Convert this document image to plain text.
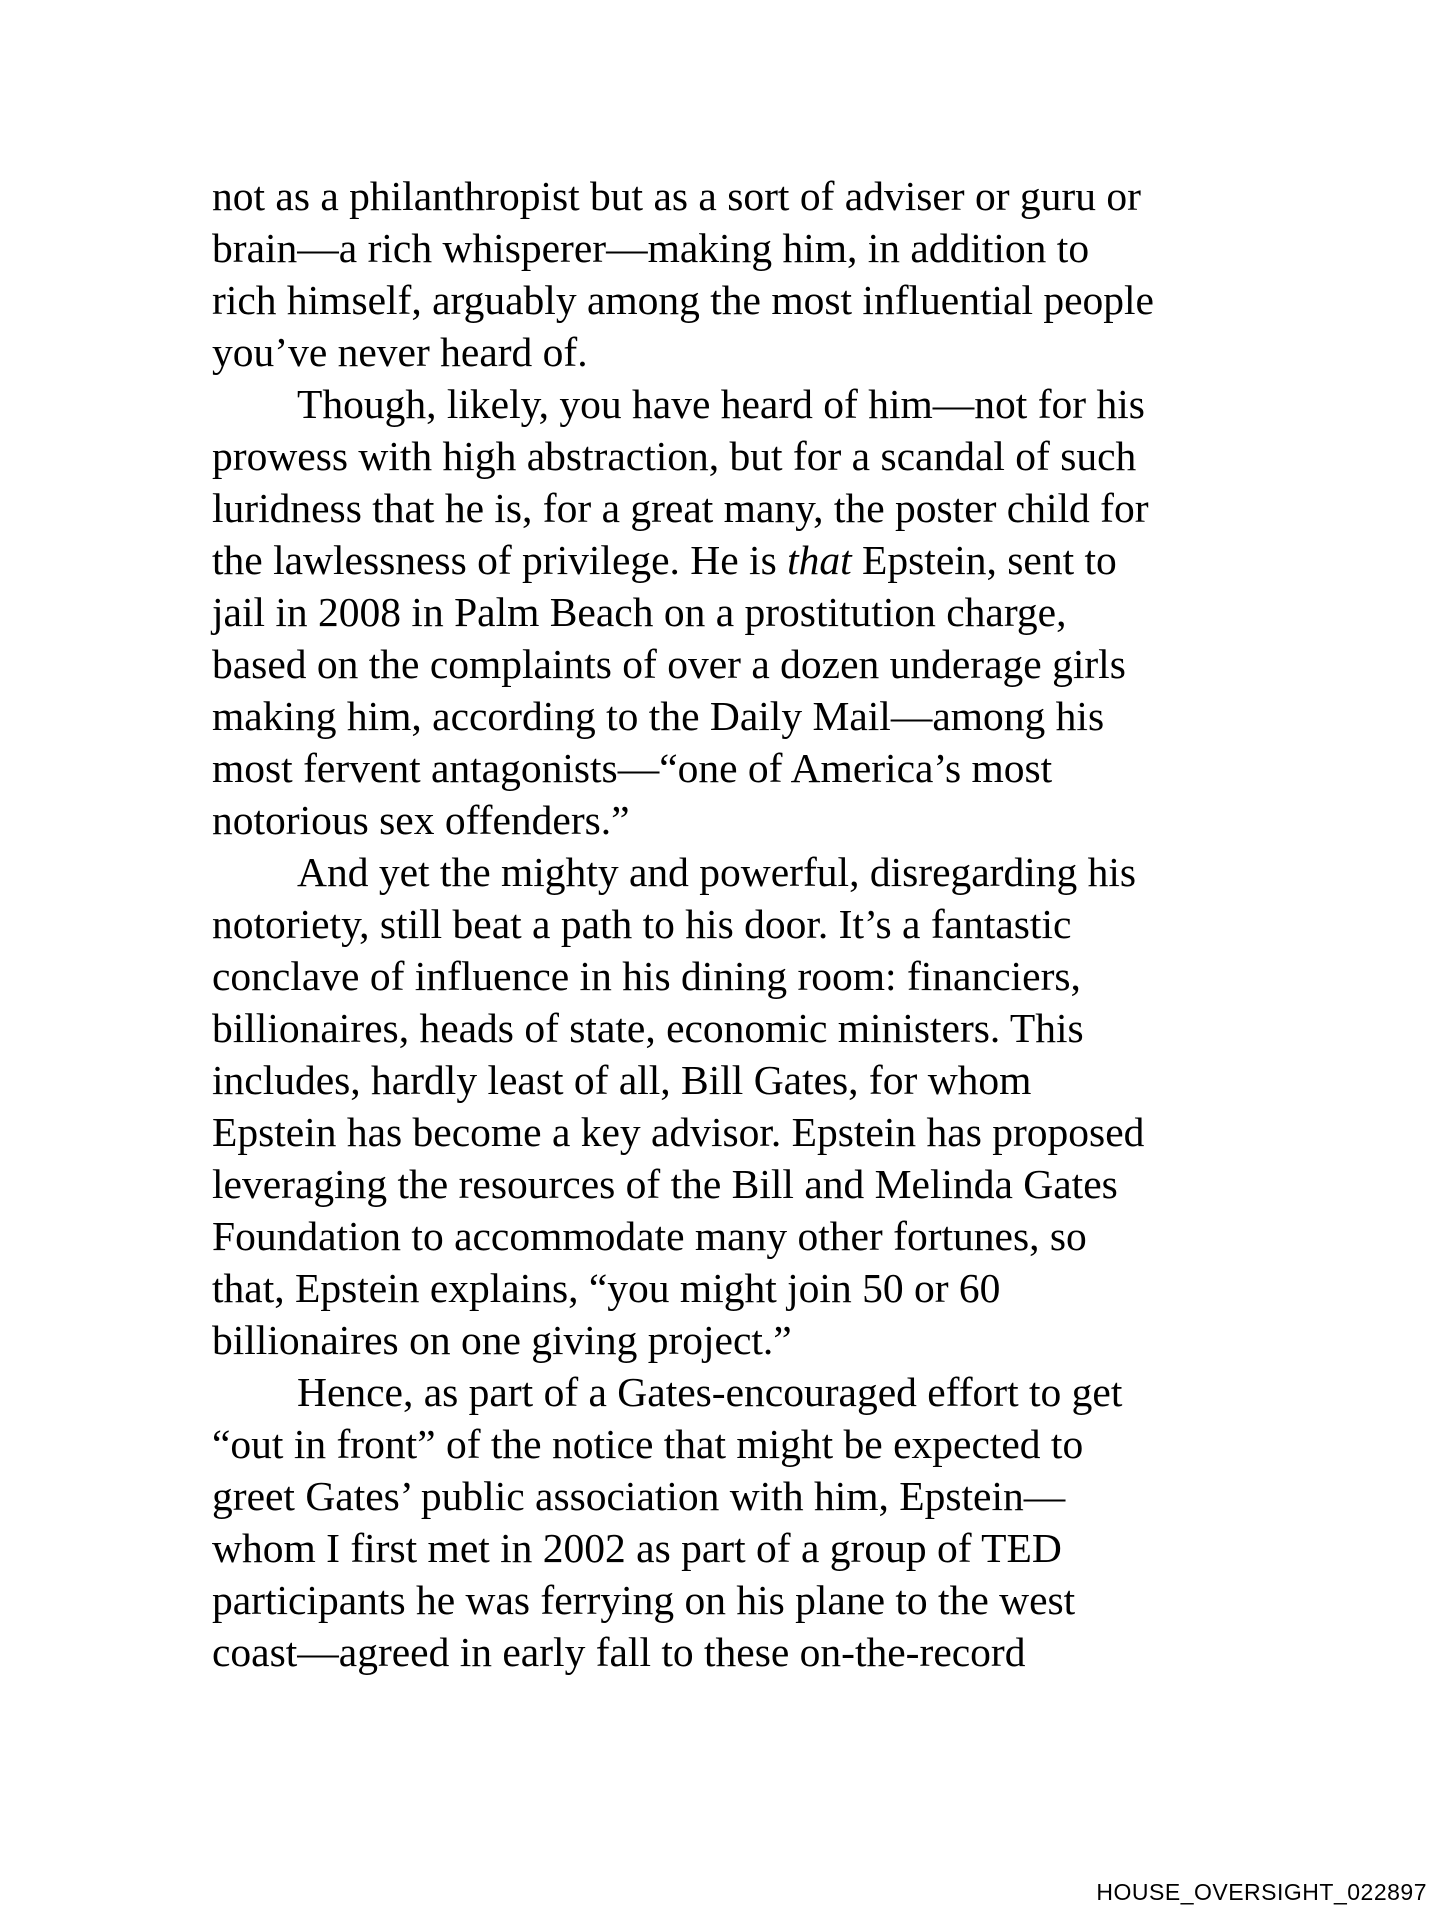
not as a philanthropist but as a sort of adviser or guru or
brain—a rich whisperer—making him, in addition to
rich himself, arguably among the most influential people
you’ve never heard of.
Though, likely, you have heard of him—not for his
prowess with high abstraction, but for a scandal of such
luridness that he is, for a great many, the poster child for
the lawlessness of privilege. He is that Epstein, sent to
jail in 2008 in Palm Beach on a prostitution charge,
based on the complaints of over a dozen underage girls
making him, according to the Daily Mail—among his
most fervent antagonists—“one of America’s most
notorious sex offenders.”
And yet the mighty and powerful, disregarding his
notoriety, still beat a path to his door. It’s a fantastic
conclave of influence in his dining room: financiers,
billionaires, heads of state, economic ministers. This
includes, hardly least of all, Bill Gates, for whom
Epstein has become a key advisor. Epstein has proposed
leveraging the resources of the Bill and Melinda Gates
Foundation to accommodate many other fortunes, so
that, Epstein explains, “you might join 50 or 60
billionaires on one giving project.”
Hence, as part of a Gates-encouraged effort to get
“out in front” of the notice that might be expected to
greet Gates’ public association with him, Epstein—
whom I first met in 2002 as part of a group of TED
participants he was ferrying on his plane to the west
coast—agreed in early fall to these on-the-record
HOUSE_OVERSIGHT_022897
